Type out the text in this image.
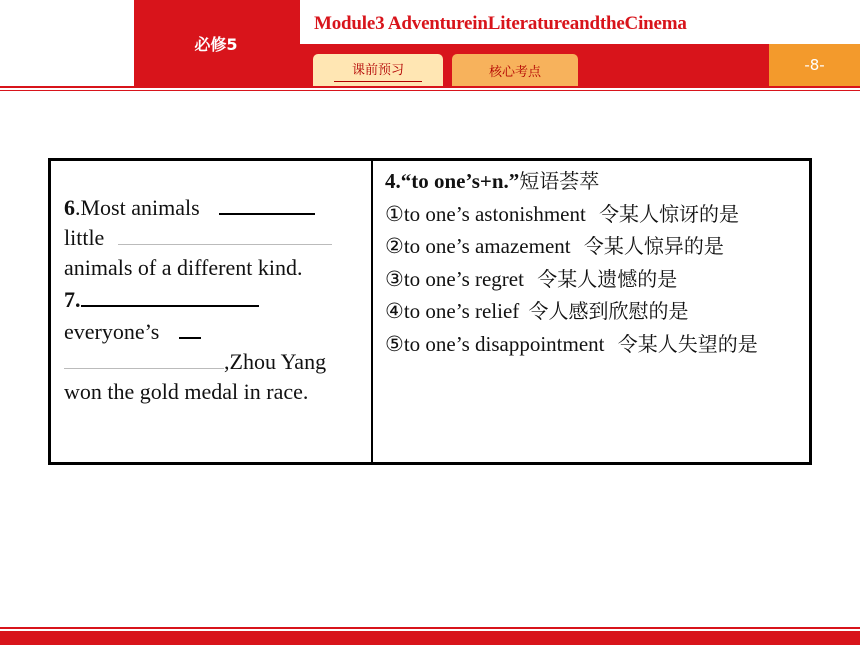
必修5
Module3 AdventureinLiteratureandtheCinema
课前预习	核心考点	-8-
6.Most animals
little
animals of a different kind.
7.
everyone’s
,Zhou Yang won the gold medal in race.
4.“to one’s+n.”短语荟萃
①to one’s astonishment 令某人惊讶的是
②to one’s amazement 令某人惊异的是
③to one’s regret 令某人遗憾的是
④to one’s relief 令人感到欣慰的是
⑤to one’s disappointment 令某人失望的是
